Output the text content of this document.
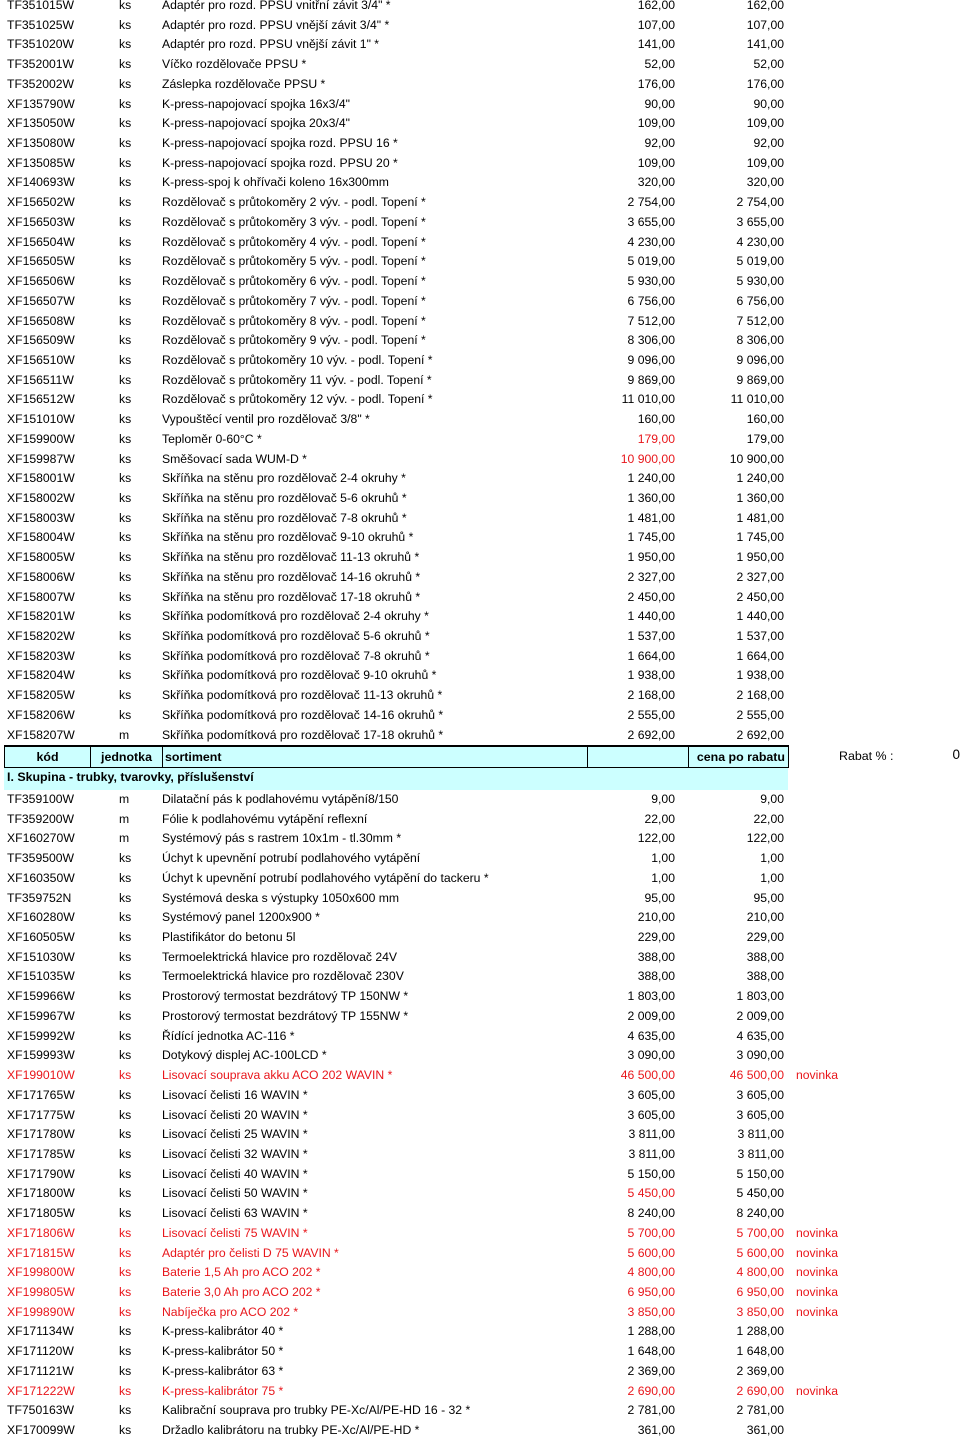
TF351015W	ks	Adaptér pro rozd. PPSU vnitřní závit 3/4" *	162,00	162,00
TF351025W	ks	Adaptér pro rozd. PPSU vnější závit 3/4" *	107,00	107,00
TF351020W	ks	Adaptér pro rozd. PPSU vnější závit 1" *	141,00	141,00
TF352001W	ks	Víčko rozdělovače PPSU *	52,00	52,00
TF352002W	ks	Záslepka rozdělovače PPSU *	176,00	176,00
XF135790W	ks	K-press-napojovací spojka 16x3/4"	90,00	90,00
XF135050W	ks	K-press-napojovací spojka 20x3/4"	109,00	109,00
XF135080W	ks	K-press-napojovací spojka rozd. PPSU 16 *	92,00	92,00
XF135085W	ks	K-press-napojovací spojka rozd. PPSU 20 *	109,00	109,00
XF140693W	ks	K-press-spoj k ohřívači koleno 16x300mm	320,00	320,00
XF156502W	ks	Rozdělovač s průtokoměry 2 výv. - podl. Topení *	2 754,00	2 754,00
XF156503W	ks	Rozdělovač s průtokoměry 3 výv. - podl. Topení *	3 655,00	3 655,00
XF156504W	ks	Rozdělovač s průtokoměry 4 výv. - podl. Topení *	4 230,00	4 230,00
XF156505W	ks	Rozdělovač s průtokoměry 5 výv. - podl. Topení *	5 019,00	5 019,00
XF156506W	ks	Rozdělovač s průtokoměry 6 výv. - podl. Topení *	5 930,00	5 930,00
XF156507W	ks	Rozdělovač s průtokoměry 7 výv. - podl. Topení *	6 756,00	6 756,00
XF156508W	ks	Rozdělovač s průtokoměry 8 výv. - podl. Topení *	7 512,00	7 512,00
XF156509W	ks	Rozdělovač s průtokoměry 9 výv. - podl. Topení *	8 306,00	8 306,00
XF156510W	ks	Rozdělovač s průtokoměry 10 výv. - podl. Topení *	9 096,00	9 096,00
XF156511W	ks	Rozdělovač s průtokoměry 11 výv. - podl. Topení *	9 869,00	9 869,00
XF156512W	ks	Rozdělovač s průtokoměry 12 výv. - podl. Topení *	11 010,00	11 010,00
XF151010W	ks	Vypouštěcí ventil pro rozdělovač 3/8" *	160,00	160,00
XF159900W	ks	Teploměr 0-60°C *	179,00	179,00
XF159987W	ks	Směšovací sada WUM-D *	10 900,00	10 900,00
XF158001W	ks	Skříňka na stěnu pro rozdělovač 2-4 okruhy *	1 240,00	1 240,00
XF158002W	ks	Skříňka na stěnu pro rozdělovač 5-6 okruhů *	1 360,00	1 360,00
XF158003W	ks	Skříňka na stěnu pro rozdělovač 7-8 okruhů *	1 481,00	1 481,00
XF158004W	ks	Skříňka na stěnu pro rozdělovač 9-10 okruhů *	1 745,00	1 745,00
XF158005W	ks	Skříňka na stěnu pro rozdělovač 11-13 okruhů *	1 950,00	1 950,00
XF158006W	ks	Skříňka na stěnu pro rozdělovač 14-16 okruhů *	2 327,00	2 327,00
XF158007W	ks	Skříňka na stěnu pro rozdělovač 17-18 okruhů *	2 450,00	2 450,00
XF158201W	ks	Skříňka podomítková pro rozdělovač 2-4 okruhy *	1 440,00	1 440,00
XF158202W	ks	Skříňka podomítková pro rozdělovač 5-6 okruhů *	1 537,00	1 537,00
XF158203W	ks	Skříňka podomítková pro rozdělovač 7-8 okruhů *	1 664,00	1 664,00
XF158204W	ks	Skříňka podomítková pro rozdělovač 9-10 okruhů *	1 938,00	1 938,00
XF158205W	ks	Skříňka podomítková pro rozdělovač 11-13 okruhů *	2 168,00	2 168,00
XF158206W	ks	Skříňka podomítková pro rozdělovač 14-16 okruhů *	2 555,00	2 555,00
XF158207W	m	Skříňka podomítková pro rozdělovač 17-18 okruhů *	2 692,00	2 692,00
kód	jednotka	sortiment	cena po rabatu	Rabat % :	0
I. Skupina - trubky, tvarovky, příslušenství
TF359100W	m	Dilatační pás k podlahovému vytápění8/150	9,00	9,00
TF359200W	m	Fólie k podlahovému vytápění reflexní	22,00	22,00
XF160270W	m	Systémový pás s rastrem 10x1m - tl.30mm *	122,00	122,00
TF359500W	ks	Úchyt k upevnění potrubí podlahového vytápění	1,00	1,00
XF160350W	ks	Úchyt k upevnění potrubí podlahového vytápění do tackeru *	1,00	1,00
TF359752N	ks	Systémová deska s výstupky 1050x600 mm	95,00	95,00
XF160280W	ks	Systémový panel 1200x900 *	210,00	210,00
XF160505W	ks	Plastifikátor do betonu 5l	229,00	229,00
XF151030W	ks	Termoelektrická hlavice pro rozdělovač 24V	388,00	388,00
XF151035W	ks	Termoelektrická hlavice pro rozdělovač 230V	388,00	388,00
XF159966W	ks	Prostorový termostat bezdrátový TP 150NW *	1 803,00	1 803,00
XF159967W	ks	Prostorový termostat bezdrátový TP 155NW *	2 009,00	2 009,00
XF159992W	ks	Řídící jednotka AC-116 *	4 635,00	4 635,00
XF159993W	ks	Dotykový displej AC-100LCD *	3 090,00	3 090,00
XF199010W	ks	Lisovací souprava akku ACO 202 WAVIN *	46 500,00	46 500,00 novinka
XF171765W	ks	Lisovací čelisti 16 WAVIN *	3 605,00	3 605,00
XF171775W	ks	Lisovací čelisti 20 WAVIN *	3 605,00	3 605,00
XF171780W	ks	Lisovací čelisti 25 WAVIN *	3 811,00	3 811,00
XF171785W	ks	Lisovací čelisti 32 WAVIN *	3 811,00	3 811,00
XF171790W	ks	Lisovací čelisti 40 WAVIN *	5 150,00	5 150,00
XF171800W	ks	Lisovací čelisti 50 WAVIN *	5 450,00	5 450,00
XF171805W	ks	Lisovací čelisti 63 WAVIN *	8 240,00	8 240,00
XF171806W	ks	Lisovací čelisti 75 WAVIN *	5 700,00	5 700,00 novinka
XF171815W	ks	Adaptér pro čelisti D 75 WAVIN *	5 600,00	5 600,00 novinka
XF199800W	ks	Baterie 1,5 Ah pro ACO 202 *	4 800,00	4 800,00 novinka
XF199805W	ks	Baterie 3,0 Ah pro ACO 202 *	6 950,00	6 950,00 novinka
XF199890W	ks	Nabíječka pro ACO 202 *	3 850,00	3 850,00 novinka
XF171134W	ks	K-press-kalibrátor 40 *	1 288,00	1 288,00
XF171120W	ks	K-press-kalibrátor 50 *	1 648,00	1 648,00
XF171121W	ks	K-press-kalibrátor 63 *	2 369,00	2 369,00
XF171222W	ks	K-press-kalibrátor 75 *	2 690,00	2 690,00 novinka
TF750163W	ks	Kalibrační souprava pro trubky PE-Xc/Al/PE-HD 16 - 32 *	2 781,00	2 781,00
XF170099W	ks	Držadlo kalibrátoru na trubky PE-Xc/Al/PE-HD *	361,00	361,00
